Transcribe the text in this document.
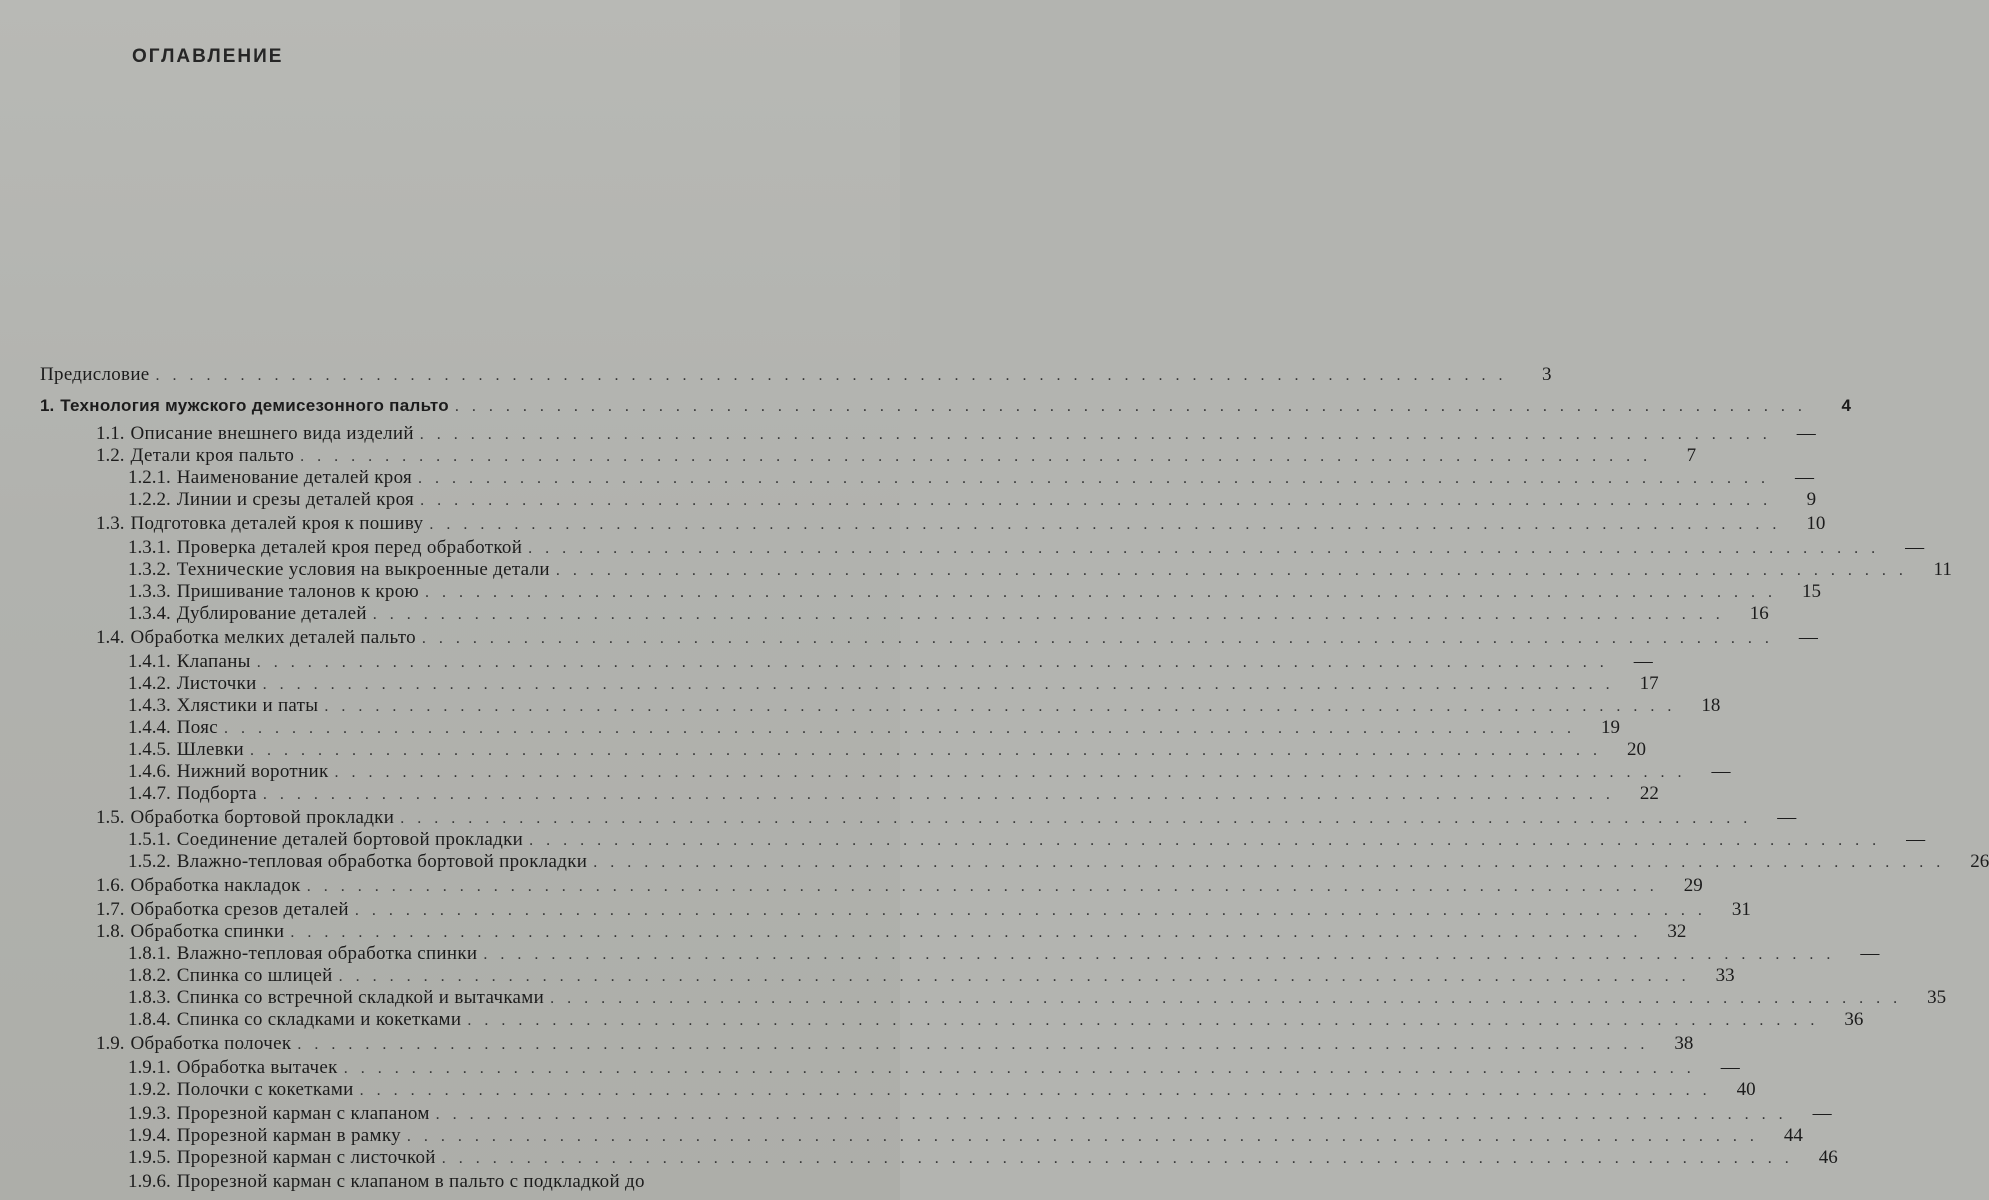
ОГЛАВЛЕНИЕ
Предисловие ................................................................................	3
1. Технология мужского демисезонного пальто ................................................................................	4
1.1. Описание внешнего вида изделий ................................................................................ —
1.2. Детали кроя пальто ................................................................................	7
1.2.1. Наименование деталей кроя ................................................................................ —
1.2.2. Линии и срезы деталей кроя ................................................................................	9
1.3. Подготовка деталей кроя к пошиву ................................................................................ 10
1.3.1. Проверка деталей кроя перед обработкой ................................................................................ —
1.3.2. Технические условия на выкроенные детали ................................................................................ 11
1.3.3. Пришивание талонов к крою ................................................................................ 15
1.3.4. Дублирование деталей ................................................................................ 16
1.4. Обработка мелких деталей пальто ................................................................................ —
1.4.1. Клапаны ................................................................................ —
1.4.2. Листочки ................................................................................ 17
1.4.3. Хлястики и паты ................................................................................ 18
1.4.4. Пояс ................................................................................ 19
1.4.5. Шлевки ................................................................................ 20
1.4.6. Нижний воротник ................................................................................ —
1.4.7. Подборта ................................................................................ 22
1.5. Обработка бортовой прокладки ................................................................................ —
1.5.1. Соединение деталей бортовой прокладки ................................................................................ —
1.5.2. Влажно-тепловая обработка бортовой прокладки ................................................................................ 26
1.6. Обработка накладок ................................................................................ 29
1.7. Обработка срезов деталей ................................................................................ 31
1.8. Обработка спинки ................................................................................ 32
1.8.1. Влажно-тепловая обработка спинки ................................................................................ —
1.8.2. Спинка со шлицей ................................................................................ 33
1.8.3. Спинка со встречной складкой и вытачками ................................................................................ 35
1.8.4. Спинка со складками и кокетками ................................................................................ 36
1.9. Обработка полочек ................................................................................ 38
1.9.1. Обработка вытачек ................................................................................ —
1.9.2. Полочки с кокетками ................................................................................ 40
1.9.3. Прорезной карман с клапаном ................................................................................ —
1.9.4. Прорезной карман в рамку ................................................................................ 44
1.9.5. Прорезной карман с листочкой ................................................................................ 46
1.9.6. Прорезной карман с клапаном в пальто с подкладкой до
